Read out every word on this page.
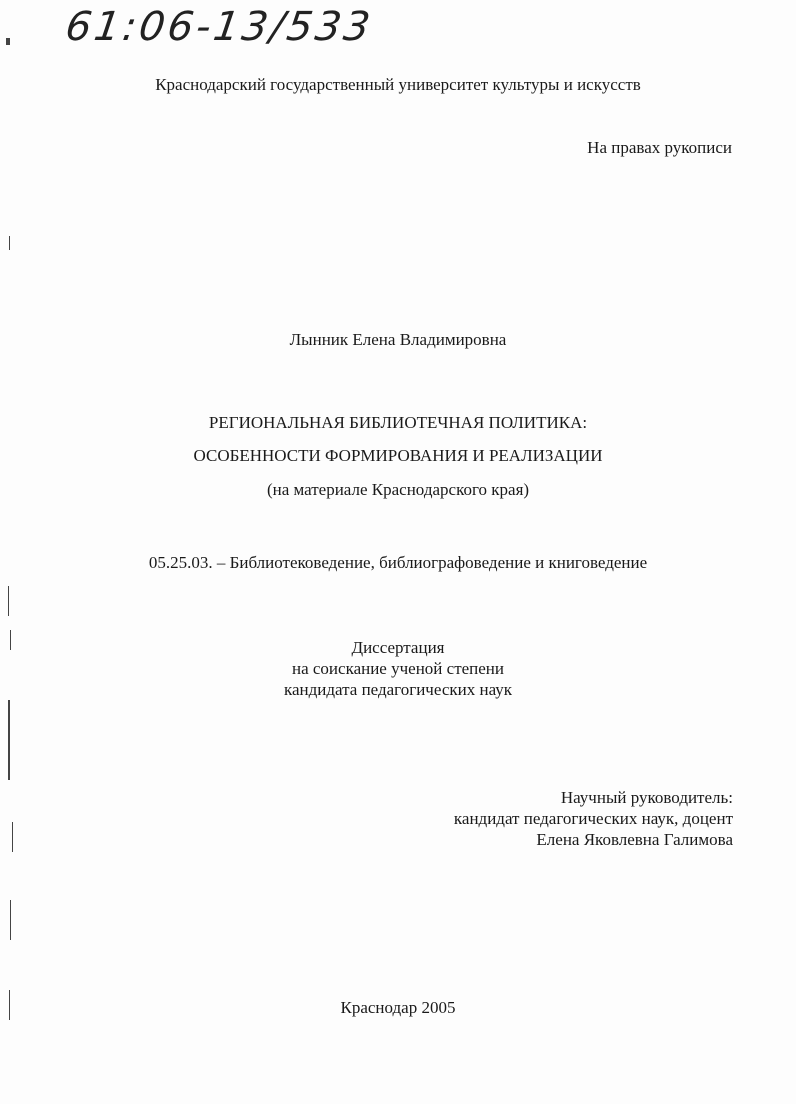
61:06-13/533
Краснодарский государственный университет культуры и искусств
На правах рукописи
Лынник Елена Владимировна
РЕГИОНАЛЬНАЯ БИБЛИОТЕЧНАЯ ПОЛИТИКА:
ОСОБЕННОСТИ ФОРМИРОВАНИЯ И РЕАЛИЗАЦИИ
(на материале Краснодарского края)
05.25.03. – Библиотековедение, библиографоведение и книговедение
Диссертация
на соискание ученой степени
кандидата педагогических наук
Научный руководитель:
кандидат педагогических наук, доцент
Елена Яковлевна Галимова
Краснодар 2005
